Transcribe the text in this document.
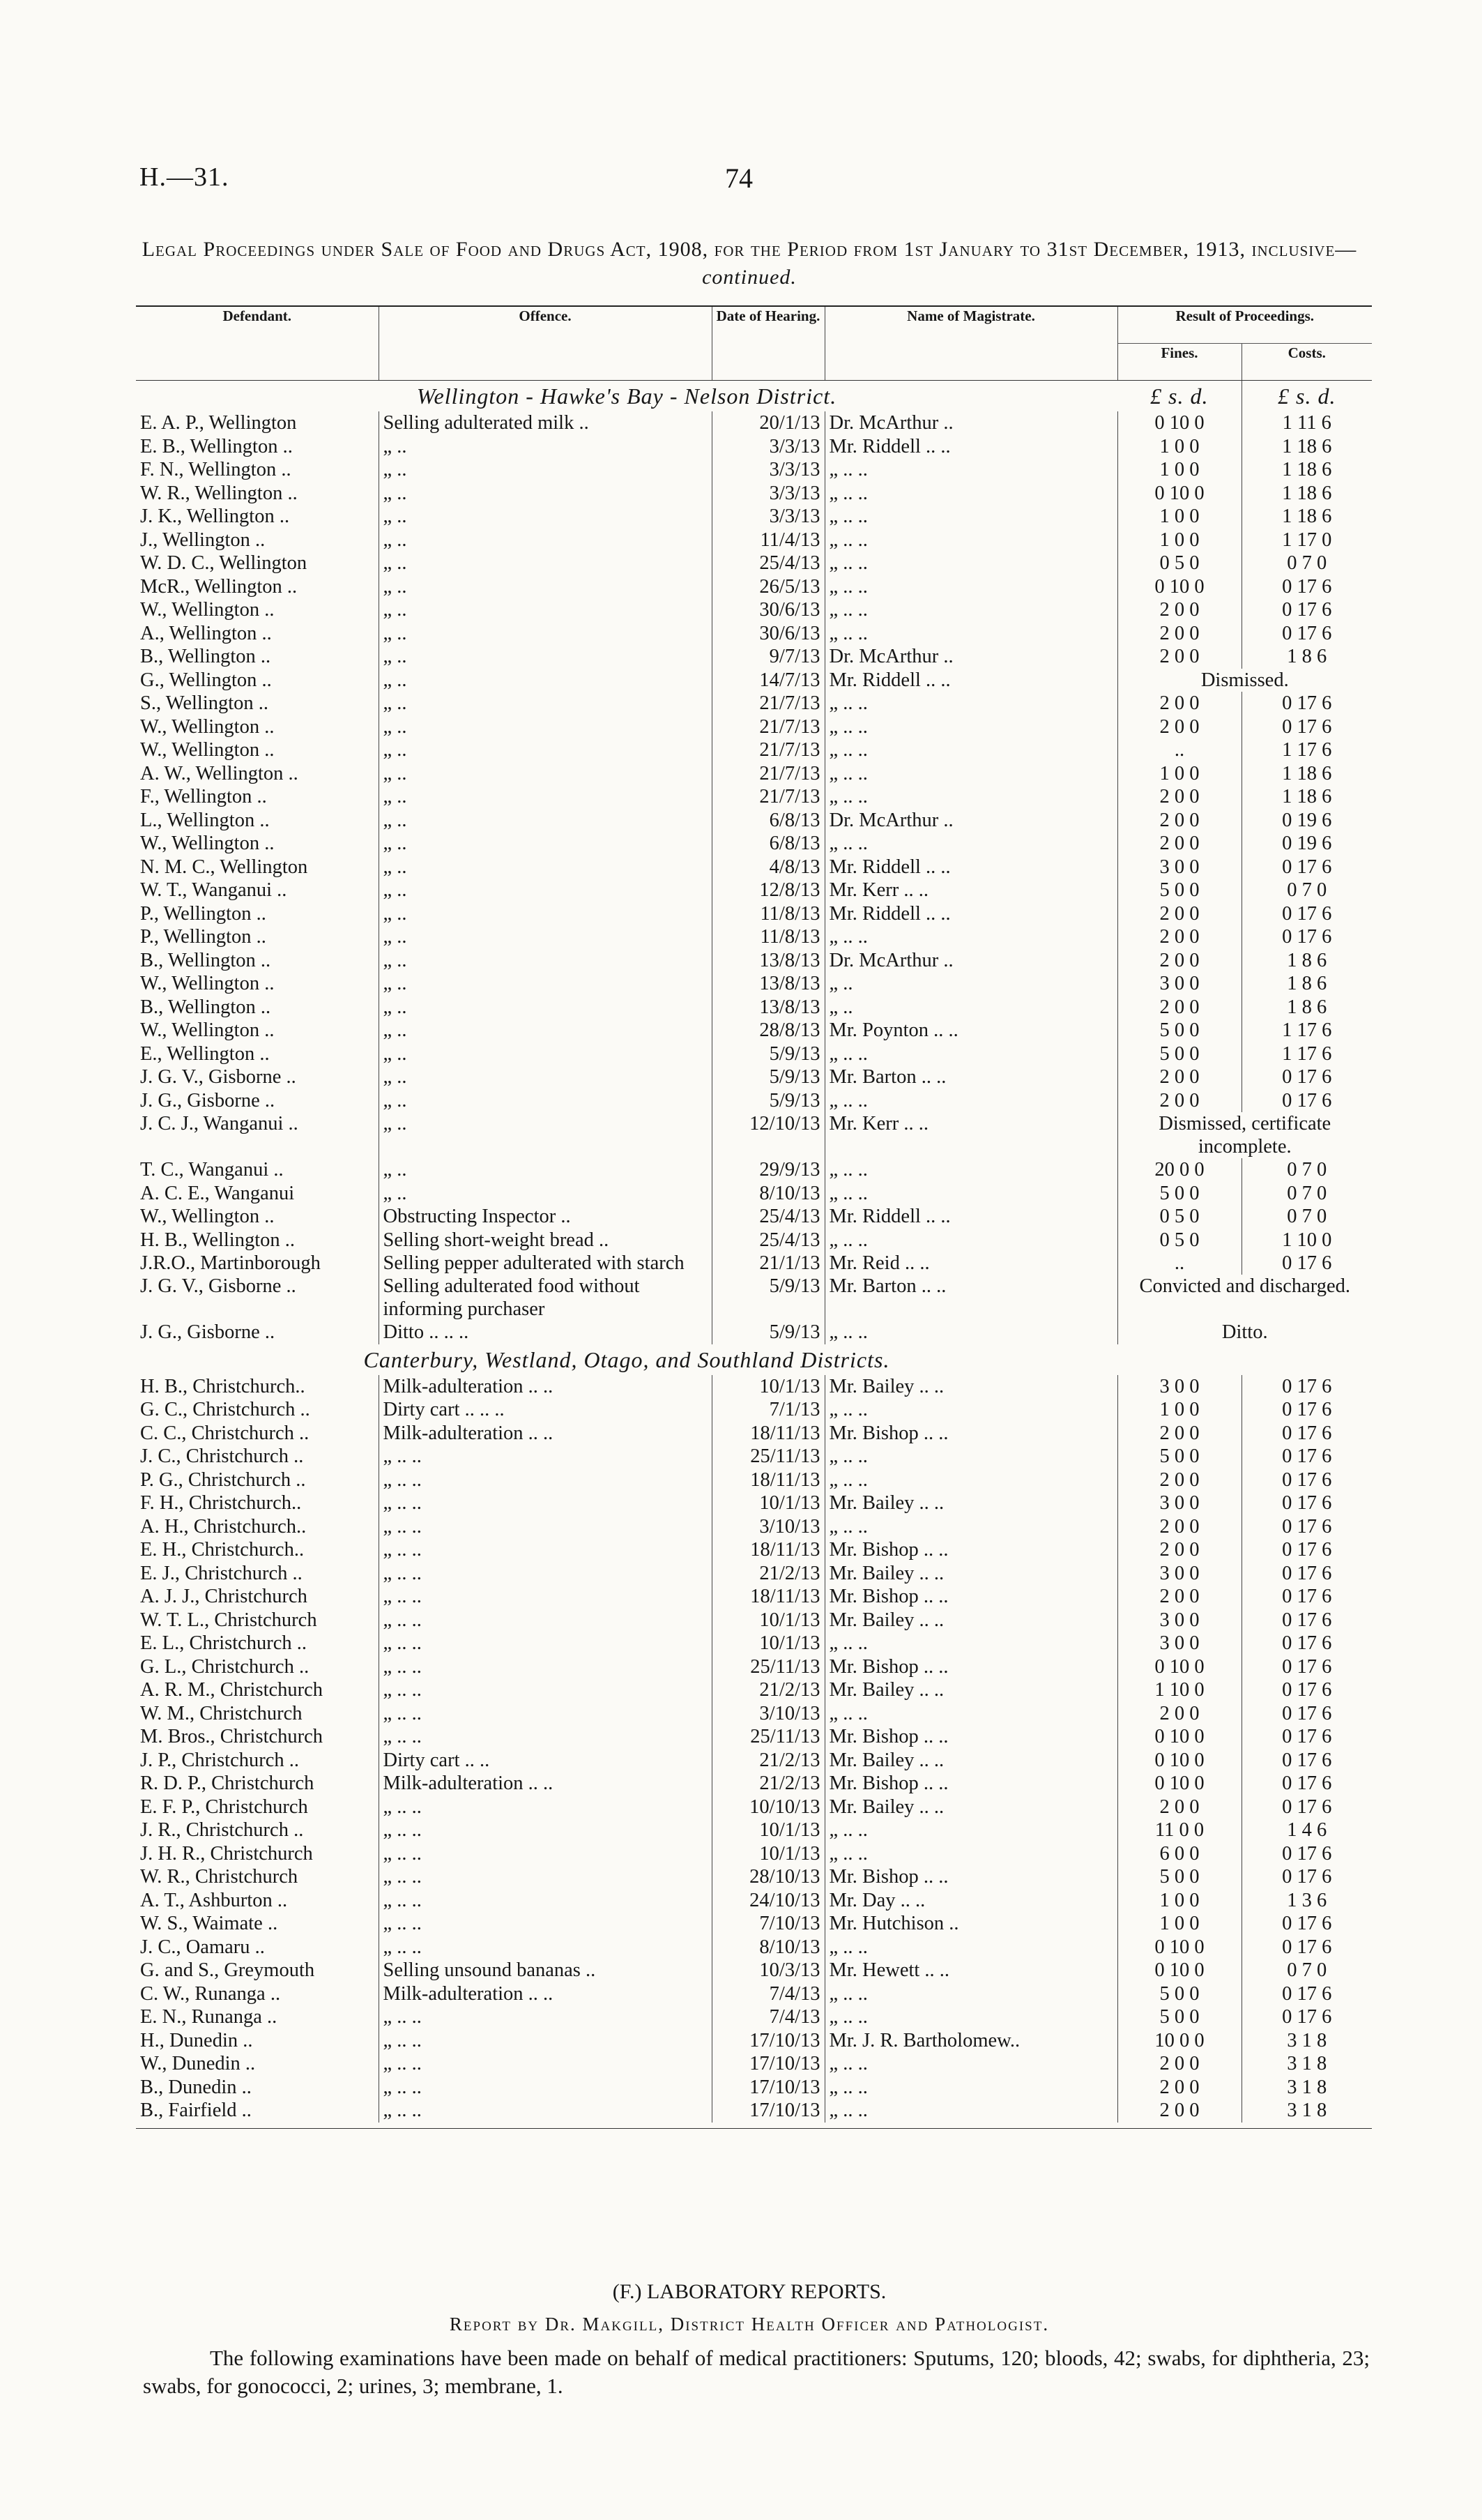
H.—31.	74
Legal Proceedings under Sale of Food and Drugs Act, 1908, for the Period from 1st January to 31st December, 1913, inclusive—continued.
Defendant.	Offence.	Date of Hearing.	Name of Magistrate.	Result of Proceedings.	
				Fines.	Costs.
Wellington - Hawke's Bay - Nelson District.				£ s. d.	£ s. d.
E. A. P., Wellington	Selling adulterated milk ..	20/1/13	Dr. McArthur ..	0 10 0	1 11 6
E. B., Wellington ..	„ ..	3/3/13	Mr. Riddell .. ..	1 0 0	1 18 6
F. N., Wellington ..	„ ..	3/3/13	„ .. ..	1 0 0	1 18 6
W. R., Wellington ..	„ ..	3/3/13	„ .. ..	0 10 0	1 18 6
J. K., Wellington ..	„ ..	3/3/13	„ .. ..	1 0 0	1 18 6
J., Wellington ..	„ ..	11/4/13	„ .. ..	1 0 0	1 17 0
W. D. C., Wellington	„ ..	25/4/13	„ .. ..	0 5 0	0 7 0
McR., Wellington ..	„ ..	26/5/13	„ .. ..	0 10 0	0 17 6
W., Wellington ..	„ ..	30/6/13	„ .. ..	2 0 0	0 17 6
A., Wellington ..	„ ..	30/6/13	„ .. ..	2 0 0	0 17 6
B., Wellington ..	„ ..	9/7/13	Dr. McArthur ..	2 0 0	1 8 6
G., Wellington ..	„ ..	14/7/13	Mr. Riddell .. ..	Dismissed.	
S., Wellington ..	„ ..	21/7/13	„ .. ..	2 0 0	0 17 6
W., Wellington ..	„ ..	21/7/13	„ .. ..	2 0 0	0 17 6
W., Wellington ..	„ ..	21/7/13	„ .. ..	..	1 17 6
A. W., Wellington ..	„ ..	21/7/13	„ .. ..	1 0 0	1 18 6
F., Wellington ..	„ ..	21/7/13	„ .. ..	2 0 0	1 18 6
L., Wellington ..	„ ..	6/8/13	Dr. McArthur ..	2 0 0	0 19 6
W., Wellington ..	„ ..	6/8/13	„ .. ..	2 0 0	0 19 6
N. M. C., Wellington	„ ..	4/8/13	Mr. Riddell .. ..	3 0 0	0 17 6
W. T., Wanganui ..	„ ..	12/8/13	Mr. Kerr .. ..	5 0 0	0 7 0
P., Wellington ..	„ ..	11/8/13	Mr. Riddell .. ..	2 0 0	0 17 6
P., Wellington ..	„ ..	11/8/13	„ .. ..	2 0 0	0 17 6
B., Wellington ..	„ ..	13/8/13	Dr. McArthur ..	2 0 0	1 8 6
W., Wellington ..	„ ..	13/8/13	„ ..	3 0 0	1 8 6
B., Wellington ..	„ ..	13/8/13	„ ..	2 0 0	1 8 6
W., Wellington ..	„ ..	28/8/13	Mr. Poynton .. ..	5 0 0	1 17 6
E., Wellington ..	„ ..	5/9/13	„ .. ..	5 0 0	1 17 6
J. G. V., Gisborne ..	„ ..	5/9/13	Mr. Barton .. ..	2 0 0	0 17 6
J. G., Gisborne ..	„ ..	5/9/13	„ .. ..	2 0 0	0 17 6
J. C. J., Wanganui ..	„ ..	12/10/13	Mr. Kerr .. ..	Dismissed, certificate incomplete.	
T. C., Wanganui ..	„ ..	29/9/13	„ .. ..	20 0 0	0 7 0
A. C. E., Wanganui	„ ..	8/10/13	„ .. ..	5 0 0	0 7 0
W., Wellington ..	Obstructing Inspector ..	25/4/13	Mr. Riddell .. ..	0 5 0	0 7 0
H. B., Wellington ..	Selling short-weight bread ..	25/4/13	„ .. ..	0 5 0	1 10 0
J.R.O., Martinborough	Selling pepper adulterated with starch	21/1/13	Mr. Reid .. ..	..	0 17 6
J. G. V., Gisborne ..	Selling adulterated food without informing purchaser	5/9/13	Mr. Barton .. ..	Convicted and discharged.	
J. G., Gisborne ..	Ditto .. .. ..	5/9/13	„ .. ..	Ditto.	
Canterbury, Westland, Otago, and Southland Districts.					
H. B., Christchurch..	Milk-adulteration .. ..	10/1/13	Mr. Bailey .. ..	3 0 0	0 17 6
G. C., Christchurch ..	Dirty cart .. .. ..	7/1/13	„ .. ..	1 0 0	0 17 6
C. C., Christchurch ..	Milk-adulteration .. ..	18/11/13	Mr. Bishop .. ..	2 0 0	0 17 6
J. C., Christchurch ..	„ .. ..	25/11/13	„ .. ..	5 0 0	0 17 6
P. G., Christchurch ..	„ .. ..	18/11/13	„ .. ..	2 0 0	0 17 6
F. H., Christchurch..	„ .. ..	10/1/13	Mr. Bailey .. ..	3 0 0	0 17 6
A. H., Christchurch..	„ .. ..	3/10/13	„ .. ..	2 0 0	0 17 6
E. H., Christchurch..	„ .. ..	18/11/13	Mr. Bishop .. ..	2 0 0	0 17 6
E. J., Christchurch ..	„ .. ..	21/2/13	Mr. Bailey .. ..	3 0 0	0 17 6
A. J. J., Christchurch	„ .. ..	18/11/13	Mr. Bishop .. ..	2 0 0	0 17 6
W. T. L., Christchurch	„ .. ..	10/1/13	Mr. Bailey .. ..	3 0 0	0 17 6
E. L., Christchurch ..	„ .. ..	10/1/13	„ .. ..	3 0 0	0 17 6
G. L., Christchurch ..	„ .. ..	25/11/13	Mr. Bishop .. ..	0 10 0	0 17 6
A. R. M., Christchurch	„ .. ..	21/2/13	Mr. Bailey .. ..	1 10 0	0 17 6
W. M., Christchurch	„ .. ..	3/10/13	„ .. ..	2 0 0	0 17 6
M. Bros., Christchurch	„ .. ..	25/11/13	Mr. Bishop .. ..	0 10 0	0 17 6
J. P., Christchurch ..	Dirty cart .. ..	21/2/13	Mr. Bailey .. ..	0 10 0	0 17 6
R. D. P., Christchurch	Milk-adulteration .. ..	21/2/13	Mr. Bishop .. ..	0 10 0	0 17 6
E. F. P., Christchurch	„ .. ..	10/10/13	Mr. Bailey .. ..	2 0 0	0 17 6
J. R., Christchurch ..	„ .. ..	10/1/13	„ .. ..	11 0 0	1 4 6
J. H. R., Christchurch	„ .. ..	10/1/13	„ .. ..	6 0 0	0 17 6
W. R., Christchurch	„ .. ..	28/10/13	Mr. Bishop .. ..	5 0 0	0 17 6
A. T., Ashburton ..	„ .. ..	24/10/13	Mr. Day .. ..	1 0 0	1 3 6
W. S., Waimate ..	„ .. ..	7/10/13	Mr. Hutchison ..	1 0 0	0 17 6
J. C., Oamaru ..	„ .. ..	8/10/13	„ .. ..	0 10 0	0 17 6
G. and S., Greymouth	Selling unsound bananas ..	10/3/13	Mr. Hewett .. ..	0 10 0	0 7 0
C. W., Runanga ..	Milk-adulteration .. ..	7/4/13	„ .. ..	5 0 0	0 17 6
E. N., Runanga ..	„ .. ..	7/4/13	„ .. ..	5 0 0	0 17 6
H., Dunedin ..	„ .. ..	17/10/13	Mr. J. R. Bartholomew..	10 0 0	3 1 8
W., Dunedin ..	„ .. ..	17/10/13	„ .. ..	2 0 0	3 1 8
B., Dunedin ..	„ .. ..	17/10/13	„ .. ..	2 0 0	3 1 8
B., Fairfield ..	„ .. ..	17/10/13	„ .. ..	2 0 0	3 1 8
(F.) LABORATORY REPORTS.
Report by Dr. Makgill, District Health Officer and Pathologist.
The following examinations have been made on behalf of medical practitioners: Sputums, 120; bloods, 42; swabs, for diphtheria, 23; swabs, for gonococci, 2; urines, 3; membrane, 1.
